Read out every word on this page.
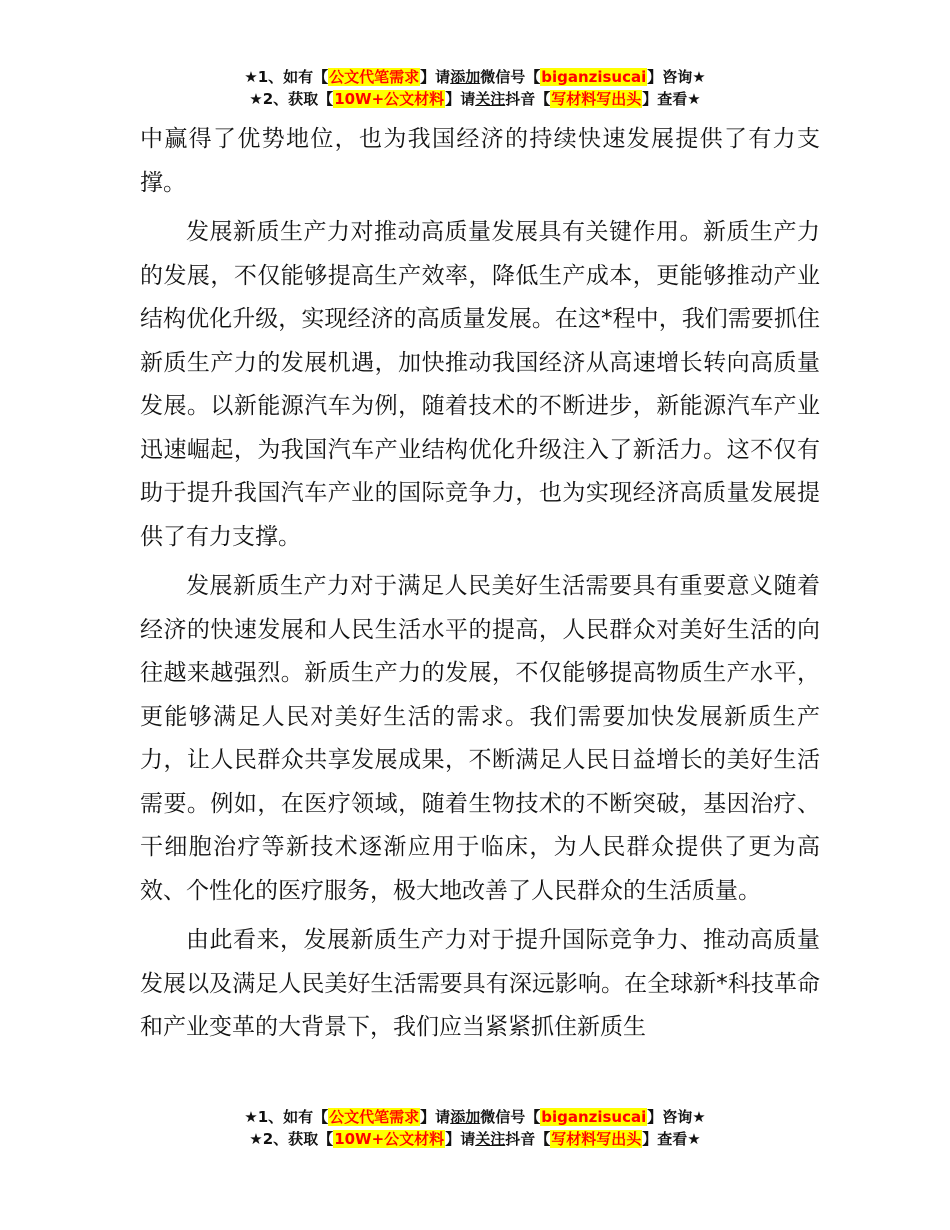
★1、如有【公文代笔需求】请添加微信号【biganzisucai】咨询★
★2、获取【10W+公文材料】请关注抖音【写材料写出头】查看★

中赢得了优势地位，也为我国经济的持续快速发展提供了有力支撑。

发展新质生产力对推动高质量发展具有关键作用。新质生产力的发展，不仅能够提高生产效率，降低生产成本，更能够推动产业结构优化升级，实现经济的高质量发展。在这*程中，我们需要抓住新质生产力的发展机遇，加快推动我国经济从高速增长转向高质量发展。以新能源汽车为例，随着技术的不断进步，新能源汽车产业迅速崛起，为我国汽车产业结构优化升级注入了新活力。这不仅有助于提升我国汽车产业的国际竞争力，也为实现经济高质量发展提供了有力支撑。

发展新质生产力对于满足人民美好生活需要具有重要意义随着经济的快速发展和人民生活水平的提高，人民群众对美好生活的向往越来越强烈。新质生产力的发展，不仅能够提高物质生产水平，更能够满足人民对美好生活的需求。我们需要加快发展新质生产力，让人民群众共享发展成果，不断满足人民日益增长的美好生活需要。例如，在医疗领域，随着生物技术的不断突破，基因治疗、干细胞治疗等新技术逐渐应用于临床，为人民群众提供了更为高效、个性化的医疗服务，极大地改善了人民群众的生活质量。

由此看来，发展新质生产力对于提升国际竞争力、推动高质量发展以及满足人民美好生活需要具有深远影响。在全球新*科技革命和产业变革的大背景下，我们应当紧紧抓住新质生

★1、如有【公文代笔需求】请添加微信号【biganzisucai】咨询★
★2、获取【10W+公文材料】请关注抖音【写材料写出头】查看★
